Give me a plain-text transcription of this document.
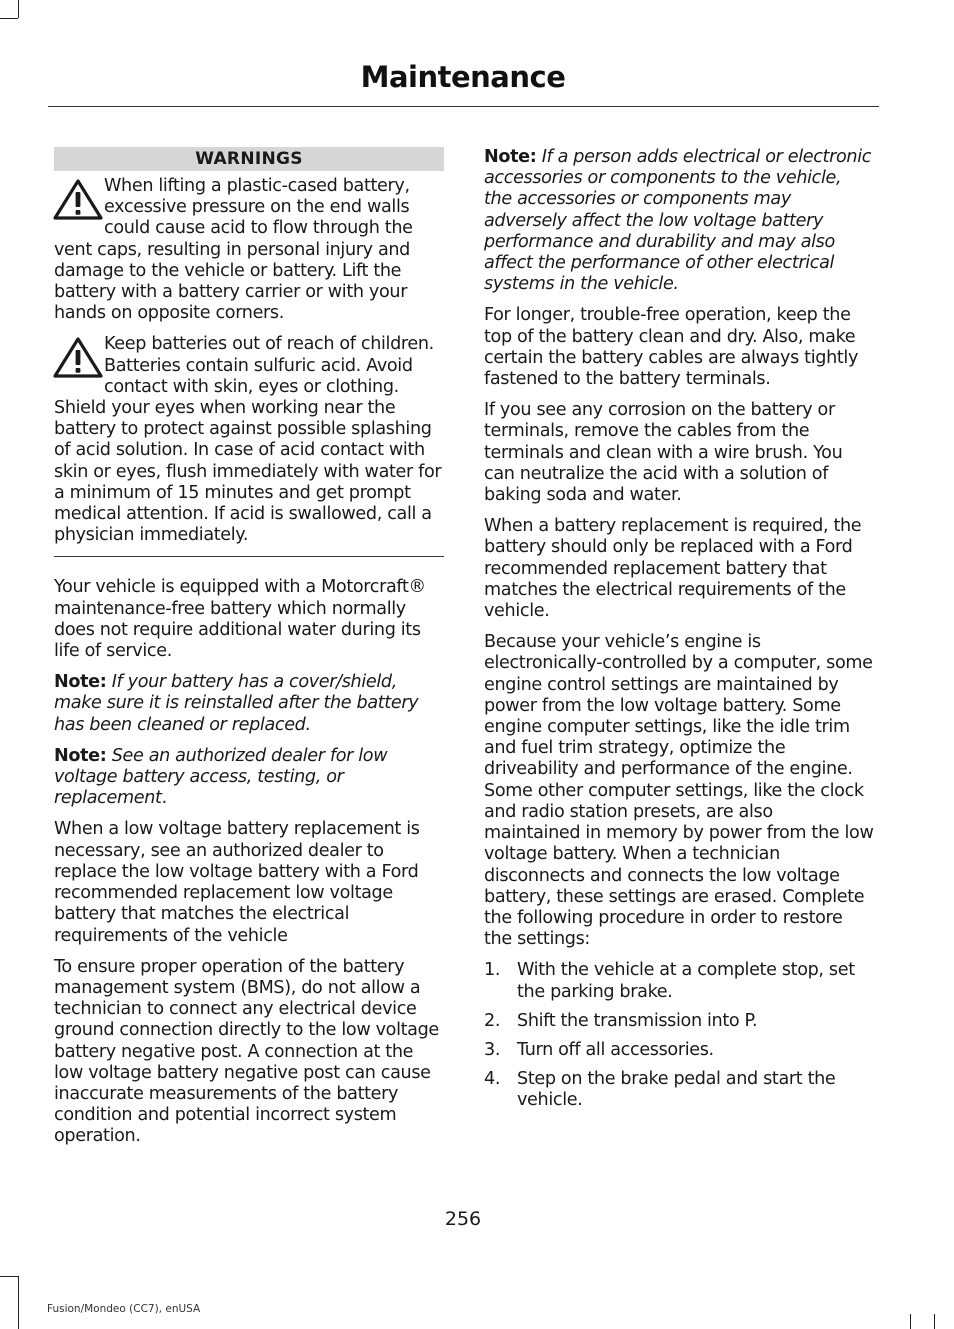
Maintenance
WARNINGS

When lifting a plastic-cased battery, excessive pressure on the end walls could cause acid to flow through the vent caps, resulting in personal injury and damage to the vehicle or battery. Lift the battery with a battery carrier or with your hands on opposite corners.

Keep batteries out of reach of children. Batteries contain sulfuric acid. Avoid contact with skin, eyes or clothing. Shield your eyes when working near the battery to protect against possible splashing of acid solution. In case of acid contact with skin or eyes, flush immediately with water for a minimum of 15 minutes and get prompt medical attention. If acid is swallowed, call a physician immediately.

Your vehicle is equipped with a Motorcraft® maintenance-free battery which normally does not require additional water during its life of service.

Note: If your battery has a cover/shield, make sure it is reinstalled after the battery has been cleaned or replaced.

Note: See an authorized dealer for low voltage battery access, testing, or replacement.

When a low voltage battery replacement is necessary, see an authorized dealer to replace the low voltage battery with a Ford recommended replacement low voltage battery that matches the electrical requirements of the vehicle

To ensure proper operation of the battery management system (BMS), do not allow a technician to connect any electrical device ground connection directly to the low voltage battery negative post. A connection at the low voltage battery negative post can cause inaccurate measurements of the battery condition and potential incorrect system operation.

Note: If a person adds electrical or electronic accessories or components to the vehicle, the accessories or components may adversely affect the low voltage battery performance and durability and may also affect the performance of other electrical systems in the vehicle.

For longer, trouble-free operation, keep the top of the battery clean and dry. Also, make certain the battery cables are always tightly fastened to the battery terminals.

If you see any corrosion on the battery or terminals, remove the cables from the terminals and clean with a wire brush. You can neutralize the acid with a solution of baking soda and water.

When a battery replacement is required, the battery should only be replaced with a Ford recommended replacement battery that matches the electrical requirements of the vehicle.

Because your vehicle’s engine is electronically-controlled by a computer, some engine control settings are maintained by power from the low voltage battery. Some engine computer settings, like the idle trim and fuel trim strategy, optimize the driveability and performance of the engine. Some other computer settings, like the clock and radio station presets, are also maintained in memory by power from the low voltage battery. When a technician disconnects and connects the low voltage battery, these settings are erased. Complete the following procedure in order to restore the settings:

1. With the vehicle at a complete stop, set the parking brake.
2. Shift the transmission into P.
3. Turn off all accessories.
4. Step on the brake pedal and start the vehicle.
256
Fusion/Mondeo (CC7), enUSA
